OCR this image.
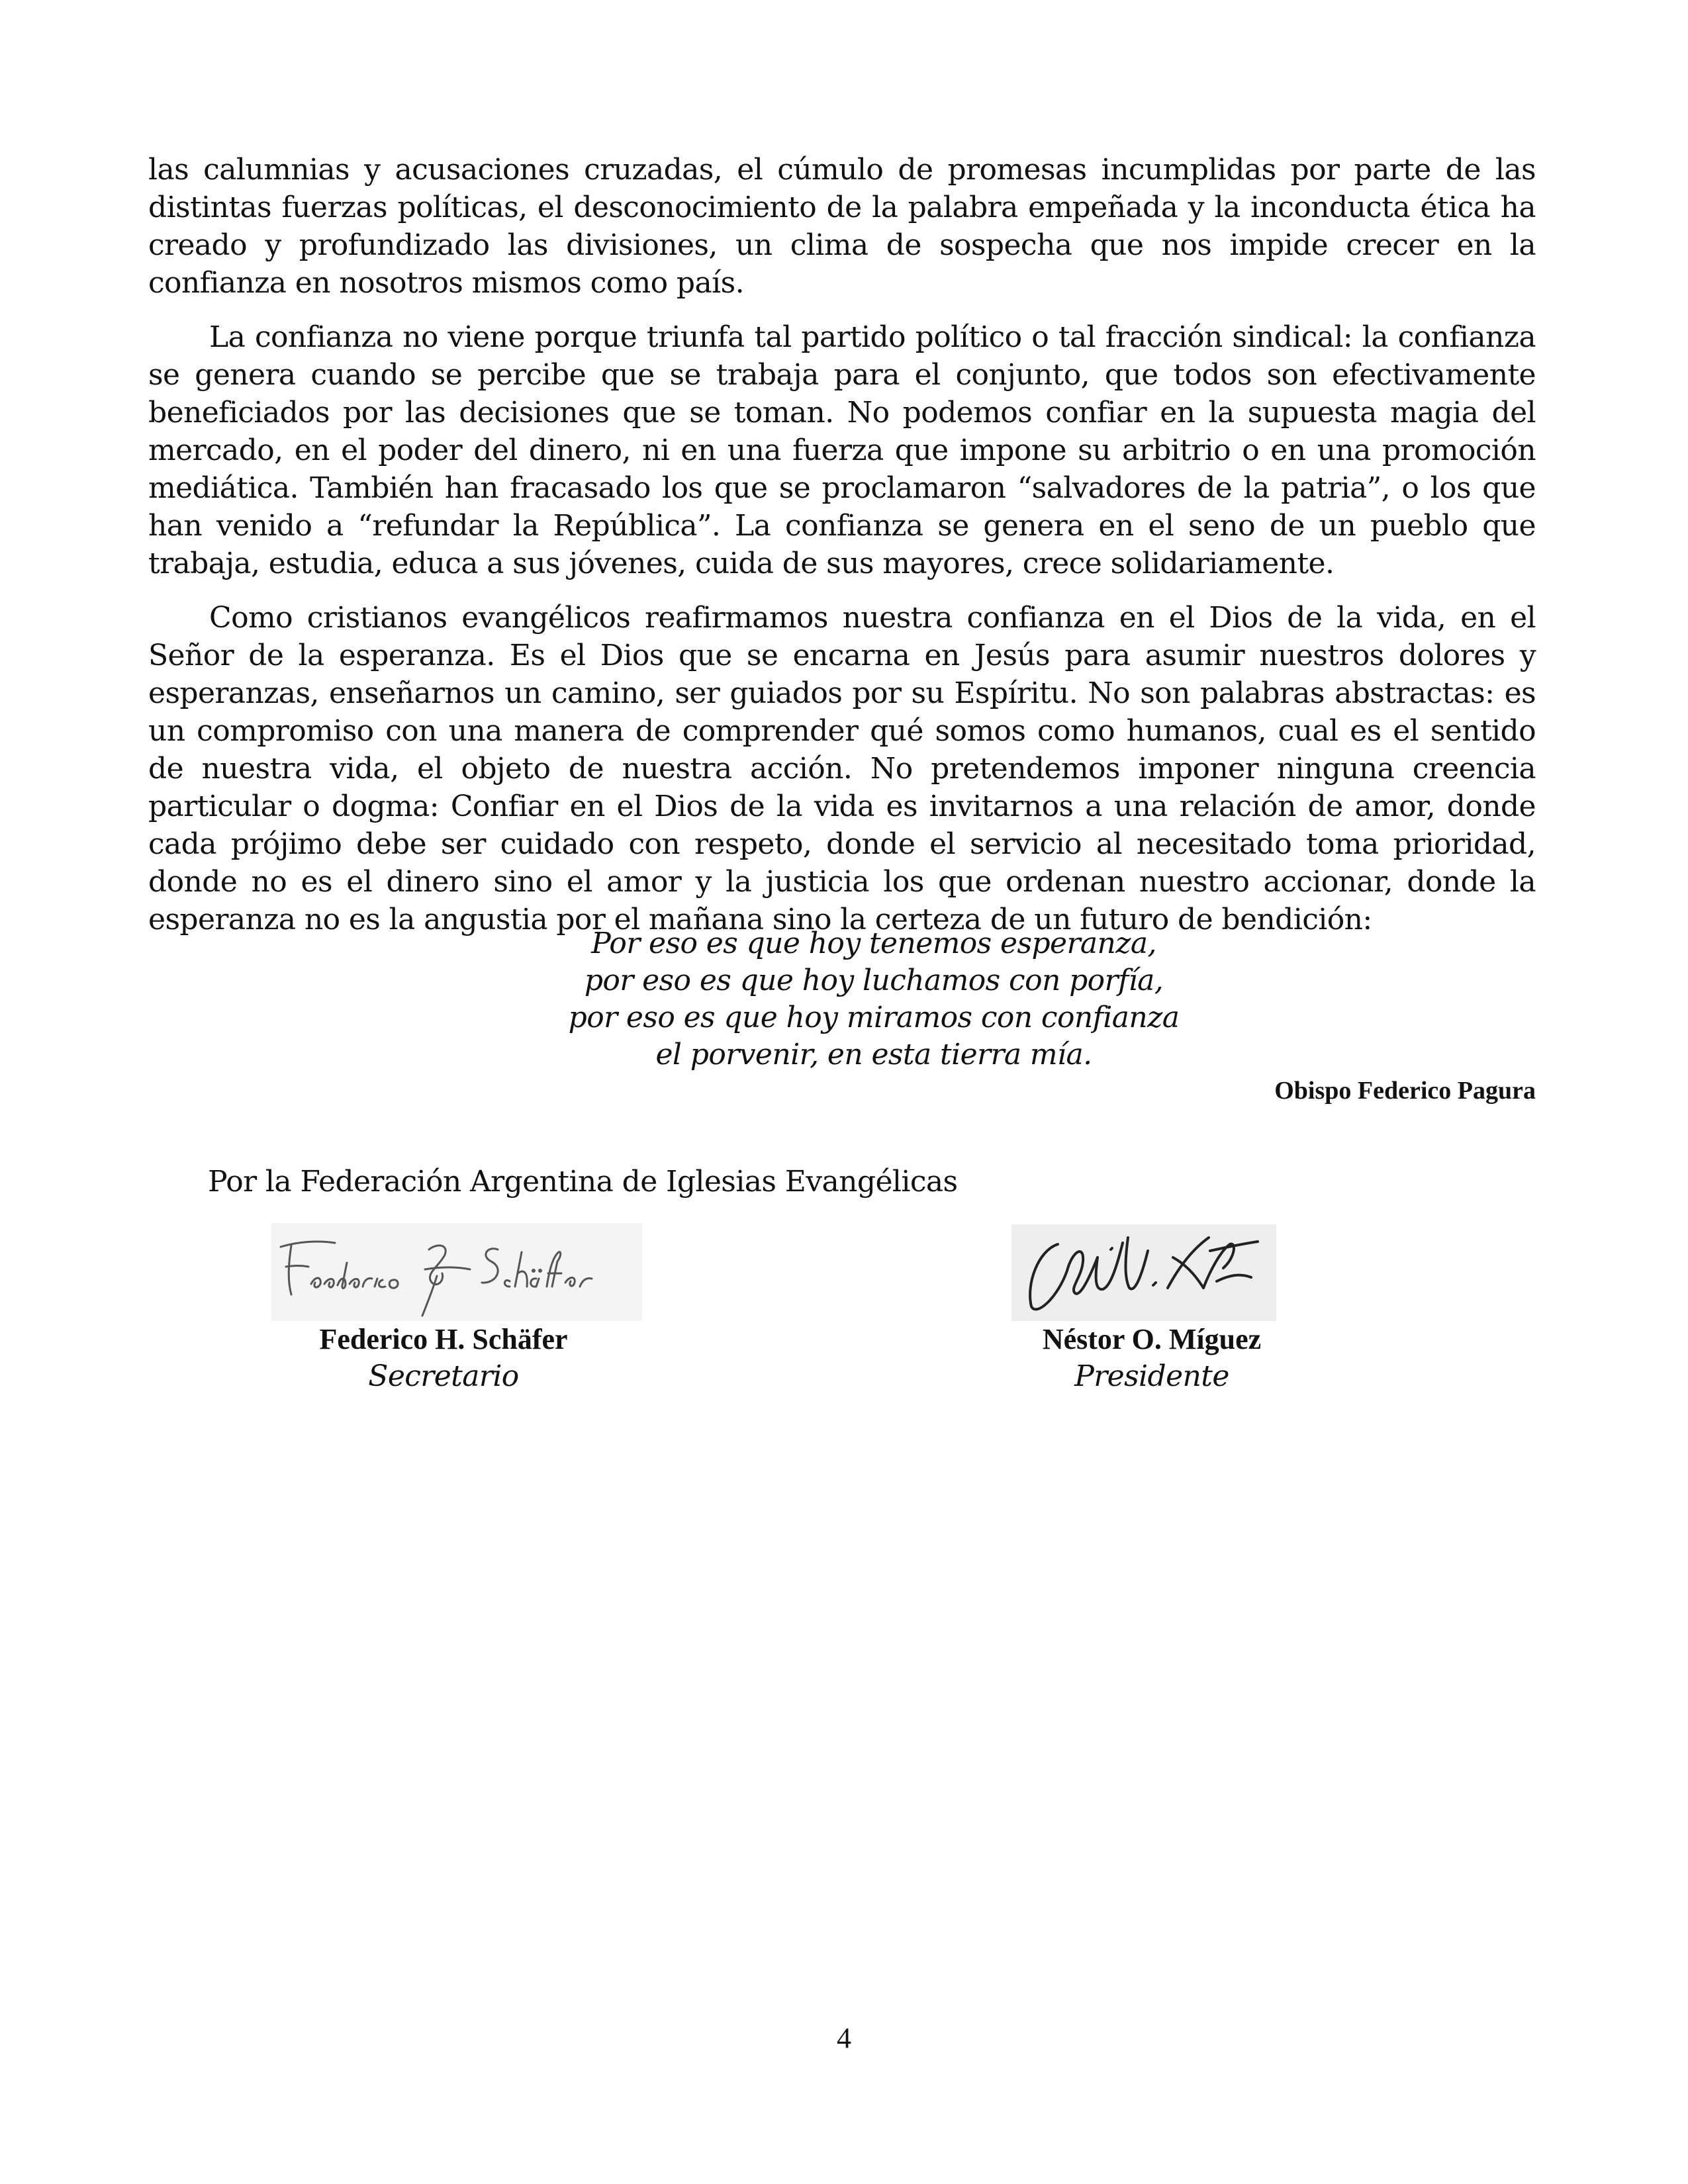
las calumnias y acusaciones cruzadas, el cúmulo de promesas incumplidas por parte de las distintas fuerzas políticas, el desconocimiento de la palabra empeñada y la inconducta ética ha creado y profundizado las divisiones, un clima de sospecha que nos impide crecer en la confianza en nosotros mismos como país.

La confianza no viene porque triunfa tal partido político o tal fracción sindical: la confianza se genera cuando se percibe que se trabaja para el conjunto, que todos son efectivamente beneficiados por las decisiones que se toman. No podemos confiar en la supuesta magia del mercado, en el poder del dinero, ni en una fuerza que impone su arbitrio o en una promoción mediática. También han fracasado los que se proclamaron “salvadores de la patria”, o los que han venido a “refundar la República”. La confianza se genera en el seno de un pueblo que trabaja, estudia, educa a sus jóvenes, cuida de sus mayores, crece solidariamente.

Como cristianos evangélicos reafirmamos nuestra confianza en el Dios de la vida, en el Señor de la esperanza. Es el Dios que se encarna en Jesús para asumir nuestros dolores y esperanzas, enseñarnos un camino, ser guiados por su Espíritu. No son palabras abstractas: es un compromiso con una manera de comprender qué somos como humanos, cual es el sentido de nuestra vida, el objeto de nuestra acción. No pretendemos imponer ninguna creencia particular o dogma: Confiar en el Dios de la vida es invitarnos a una relación de amor, donde cada prójimo debe ser cuidado con respeto, donde el servicio al necesitado toma prioridad, donde no es el dinero sino el amor y la justicia los que ordenan nuestro accionar, donde la esperanza no es la angustia por el mañana sino la certeza de un futuro de bendición:

Por eso es que hoy tenemos esperanza,
por eso es que hoy luchamos con porfía,
por eso es que hoy miramos con confianza
el porvenir, en esta tierra mía.
Obispo Federico Pagura
Por la Federación Argentina de Iglesias Evangélicas
Federico H. Schäfer
Secretario
Néstor O. Míguez
Presidente
4
